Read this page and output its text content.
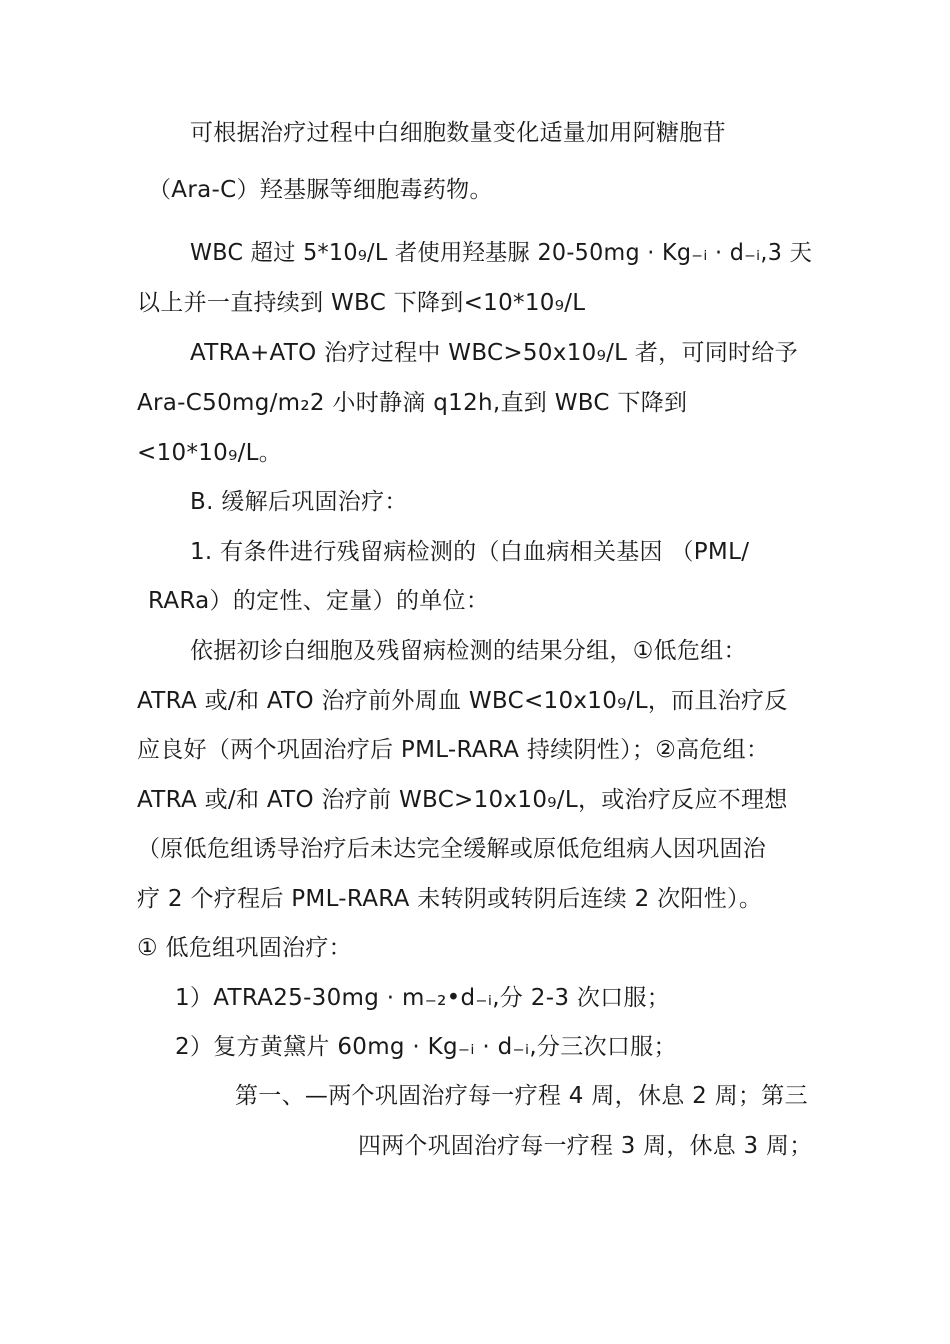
可根据治疗过程中白细胞数量变化适量加用阿糖胞苷
（Ara-C）羟基脲等细胞毒药物。
WBC 超过 5*10₉/L 者使用羟基脲 20-50mg · Kg₋ᵢ · d₋ᵢ,3 天
以上并一直持续到 WBC 下降到<10*10₉/L
ATRA+ATO 治疗过程中 WBC>50x10₉/L 者，可同时给予
Ara-C50mg/m₂2 小时静滴 q12h,直到 WBC 下降到
<10*10₉/L。
B. 缓解后巩固治疗：
1. 有条件进行残留病检测的（白血病相关基因 （PML/
RARa）的定性、定量）的单位：
依据初诊白细胞及残留病检测的结果分组，①低危组：
ATRA 或/和 ATO 治疗前外周血 WBC<10x10₉/L，而且治疗反
应良好（两个巩固治疗后 PML-RARA 持续阴性）；②高危组：
ATRA 或/和 ATO 治疗前 WBC>10x10₉/L，或治疗反应不理想
（原低危组诱导治疗后未达完全缓解或原低危组病人因巩固治
疗 2 个疗程后 PML-RARA 未转阴或转阴后连续 2 次阳性）。
① 低危组巩固治疗：
1）ATRA25-30mg · m₋₂•d₋ᵢ,分 2-3 次口服；
2）复方黄黛片 60mg · Kg₋ᵢ · d₋ᵢ,分三次口服；
第一、—两个巩固治疗每一疗程 4 周，休息 2 周；第三
四两个巩固治疗每一疗程 3 周，休息 3 周；
